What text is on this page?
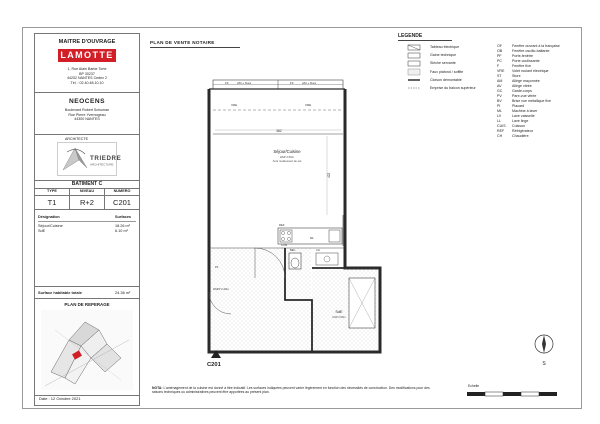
MAITRE D'OUVRAGE
LAMOTTE
1, Rue Alain Barbe Torte
BP 30237
44202 NANTES Cedex 2
Tél. : 02.40.48.10.10
NEOCENS
Boulevard Robert Schuman
Rue Pierre Yvernogeau
44300 NANTES
ARCHITECTE
TRIEDRE
ARCHITECTURE
BATIMENT C
TYPE	NIVEAU	NUMERO
T1	R+2	C201
Désignation	Surfaces
Séjour/Cuisine	18.26 m²
SdE	6.10 m²
Surface habitable totale	24.36 m²
PLAN DE REPERAGE
Date : 12 Octobre 2021
PLAN DE VENTE NOTAIRE
FF	AM + fixes	FF	AM + fixes
VRE	VRE
382
422
Séjour/Cuisine
HSP 2.50m
hors revêtement de sol
REF
CUIS
ML
HSFP 2.20m
BEC	CH
PF
SdE
HSP 2.50m
C201
LEGENDE
Tableau électrique
Gaine technique
Sièche servante
Faux plafond / soffite
Cloison démontable
Emprise du balcon supérieur
OF	Fenêtre ouvrant à la française
OB	Fenêtre oscillo-battante
PF	Porte-fenêtre
PC	Porte coulissante
F	Fenêtre fixe
VRE Volet roulant électrique
ST	Store
AM	Allège maçonnée
AV	Allège vitrée
GC	Garde-corps
PV	Pare-vue vitrée
BV	Brise vue métallique fixe
PI	Placard
ML	Machine à laver
LV	Lave vaisselle
LL	Lave linge
CUIS Cuisson
REF Réfrigérateur
CH	Chaudière
S
Echelle
NOTA: L'aménagement de la cuisine est donné à titre indicatif. Les surfaces indiquées peuvent varier légèrement en fonction des nécessités de construction. Des modifications pour des raisons techniques ou administratives peuvent être apportées au présent plan.
